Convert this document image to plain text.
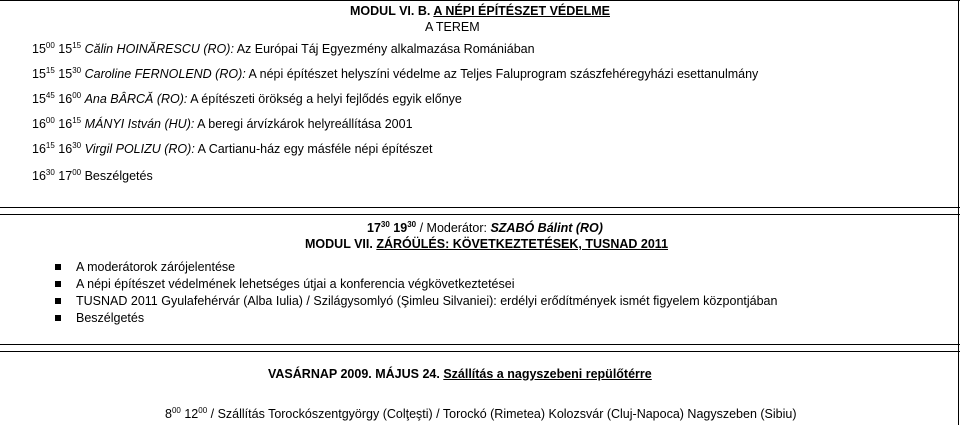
MODUL VI. B. A NÉPI ÉPÍTÉSZET VÉDELME
A TEREM
$15^{00}$ $15^{15}$ Călin HOINĂRESCU (RO): Az Európai Táj Egyezmény alkalmazása Romániában
$15^{15}$ $15^{30}$ Caroline FERNOLEND (RO): A népi építészet helyszíni védelme az Teljes Faluprogram szászfehéregyházi esettanulmány
$15^{45}$ $16^{00}$ Ana BÂRCĂ (RO): A építészeti örökség a helyi fejlődés egyik előnye
$16^{00}$ $16^{15}$ MÁNYI István (HU): A beregi árvízkárok helyreállítása 2001
$16^{15}$ $16^{30}$ Virgil POLIZU (RO): A Cartianu-ház egy másféle népi építészet
$16^{30}$ $17^{00}$ Beszélgetés
$17^{30}$ $19^{30}$ / Moderátor: SZABÓ Bálint (RO)
MODUL VII. ZÁRÓÜLÉS: KÖVETKEZTETÉSEK, TUSNAD 2011
A moderátorok zárójelentése
A népi építészet védelmének lehetséges útjai a konferencia végkövetkeztetései
TUSNAD 2011 Gyulafehérvár (Alba Iulia) / Szilágysomlyó (Şimleu Silvaniei): erdélyi erődítmények ismét figyelem központjában
Beszélgetés
VASÁRNAP 2009. MÁJUS 24. Szállítás a nagyszebeni repülőtérre
$8^{00}$ $12^{00}$ / Szállítás Torockószentgyörgy (Colţeşti) / Torockó (Rimetea) Kolozsvár (Cluj-Napoca) Nagyszeben (Sibiu)
